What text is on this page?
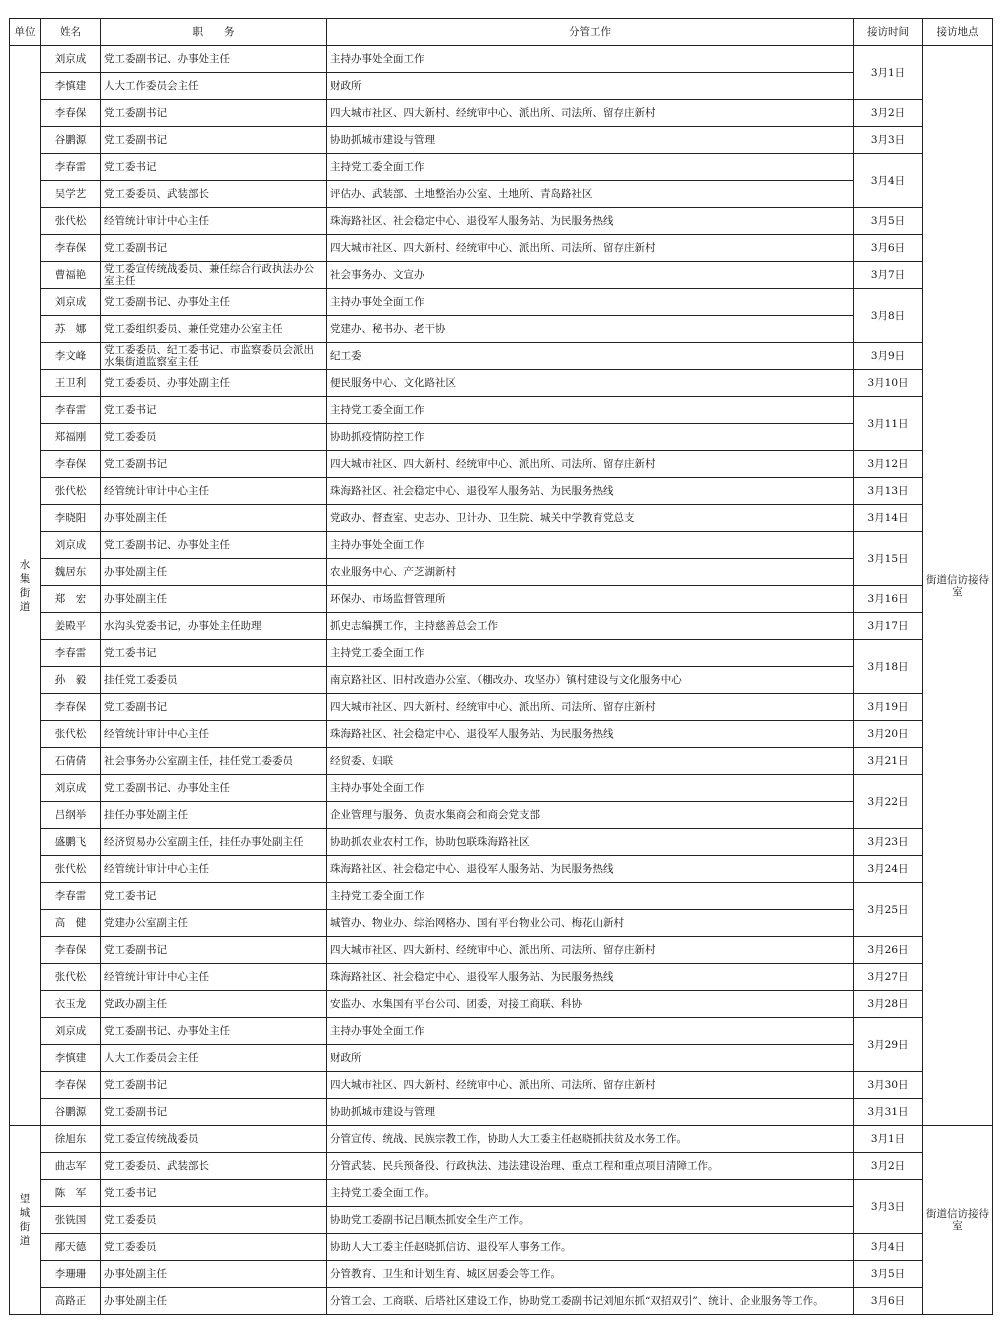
单位	姓名	职　　务	分管工作	接访时间	接访地点
水集街道	刘京成	党工委副书记、办事处主任	主持办事处全面工作	3月1日	街道信访接待室
	李慎建	人大工作委员会主任	财政所		
	李春保	党工委副书记	四大城市社区、四大新村、经统审中心、派出所、司法所、留存庄新村	3月2日	
	谷鹏源	党工委副书记	协助抓城市建设与管理	3月3日	
	李春雷	党工委书记	主持党工委全面工作	3月4日	
	吴学艺	党工委委员、武装部长	评估办、武装部、土地整治办公室、土地所、青岛路社区		
	张代松	经管统计审计中心主任	珠海路社区、社会稳定中心、退役军人服务站、为民服务热线	3月5日	
	李春保	党工委副书记	四大城市社区、四大新村、经统审中心、派出所、司法所、留存庄新村	3月6日	
	曹福艳	党工委宣传统战委员、兼任综合行政执法办公室主任	社会事务办、文宣办	3月7日	
	刘京成	党工委副书记、办事处主任	主持办事处全面工作	3月8日	
	苏　娜	党工委组织委员、兼任党建办公室主任	党建办、秘书办、老干协		
	李文峰	党工委委员、纪工委书记、市监察委员会派出水集街道监察室主任	纪工委	3月9日	
	王卫利	党工委委员、办事处副主任	便民服务中心、文化路社区	3月10日	
	李春雷	党工委书记	主持党工委全面工作	3月11日	
	郑福刚	党工委委员	协助抓疫情防控工作		
	李春保	党工委副书记	四大城市社区、四大新村、经统审中心、派出所、司法所、留存庄新村	3月12日	
	张代松	经管统计审计中心主任	珠海路社区、社会稳定中心、退役军人服务站、为民服务热线	3月13日	
	李晓阳	办事处副主任	党政办、督查室、史志办、卫计办、卫生院、城关中学教育党总支	3月14日	
	刘京成	党工委副书记、办事处主任	主持办事处全面工作	3月15日	
	魏居东	办事处副主任	农业服务中心、产芝湖新村		
	郑　宏	办事处副主任	环保办、市场监督管理所	3月16日	
	姜殿平	水沟头党委书记，办事处主任助理	抓史志编撰工作，主持慈善总会工作	3月17日	
	李春雷	党工委书记	主持党工委全面工作	3月18日	
	孙　毅	挂任党工委委员	南京路社区、旧村改造办公室、（棚改办、攻坚办）镇村建设与文化服务中心		
	李春保	党工委副书记	四大城市社区、四大新村、经统审中心、派出所、司法所、留存庄新村	3月19日	
	张代松	经管统计审计中心主任	珠海路社区、社会稳定中心、退役军人服务站、为民服务热线	3月20日	
	石倩倩	社会事务办公室副主任，挂任党工委委员	经贸委、妇联	3月21日	
	刘京成	党工委副书记、办事处主任	主持办事处全面工作	3月22日	
	吕纲举	挂任办事处副主任	企业管理与服务、负责水集商会和商会党支部		
	盛鹏飞	经济贸易办公室副主任，挂任办事处副主任	协助抓农业农村工作，协助包联珠海路社区	3月23日	
	张代松	经管统计审计中心主任	珠海路社区、社会稳定中心、退役军人服务站、为民服务热线	3月24日	
	李春雷	党工委书记	主持党工委全面工作	3月25日	
	高　健	党建办公室副主任	城管办、物业办、综治网格办、国有平台物业公司、梅花山新村		
	李春保	党工委副书记	四大城市社区、四大新村、经统审中心、派出所、司法所、留存庄新村	3月26日	
	张代松	经管统计审计中心主任	珠海路社区、社会稳定中心、退役军人服务站、为民服务热线	3月27日	
	衣玉龙	党政办副主任	安监办、水集国有平台公司、团委，对接工商联、科协	3月28日	
	刘京成	党工委副书记、办事处主任	主持办事处全面工作	3月29日	
	李慎建	人大工作委员会主任	财政所		
	李春保	党工委副书记	四大城市社区、四大新村、经统审中心、派出所、司法所、留存庄新村	3月30日	
	谷鹏源	党工委副书记	协助抓城市建设与管理	3月31日	
望城街道	徐旭东	党工委宣传统战委员	分管宣传、统战、民族宗教工作，协助人大工委主任赵晓抓扶贫及水务工作。	3月1日	街道信访接待室
	曲志军	党工委委员、武装部长	分管武装、民兵预备役、行政执法、违法建设治理、重点工程和重点项目清障工作。	3月2日	
	陈　军	党工委书记	主持党工委全面工作。	3月3日	
	张铣国	党工委委员	协助党工委副书记吕顺杰抓安全生产工作。		
	邴天德	党工委委员	协助人大工委主任赵晓抓信访、退役军人事务工作。	3月4日	
	李珊珊	办事处副主任	分管教育、卫生和计划生育、城区居委会等工作。	3月5日	
	高路正	办事处副主任	分管工会、工商联、后塔社区建设工作，协助党工委副书记刘旭东抓“双招双引”、统计、企业服务等工作。	3月6日	
